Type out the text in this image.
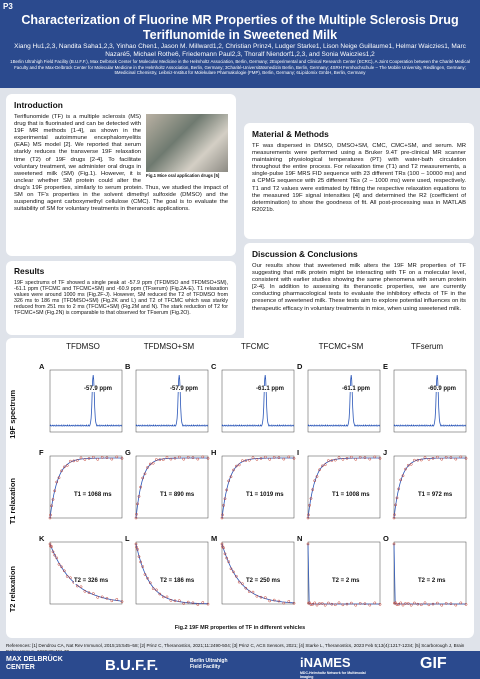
P3
Characterization of Fluorine MR Properties of the Multiple Sclerosis Drug Teriflunomide in Sweetened Milk
Xiang Hu1,2,3, Nandita Saha1,2,3, Yinhao Chen1, Jason M. Millward1,2, Christian Prinz4, Ludger Starke1, Lison Neige Guillaume1, Helmar Waiczies1, Marc Nazaré5, Michael Rothe6, Friedemann Paul2,3, Thoralf Niendorf1,2,3, and Sonia Waiczies1,2
1Berlin Ultrahigh Field Facility (B.U.F.F.), Max Delbrück Center for Molecular Medicine in the Helmholtz Association, Berlin, Germany; 2Experimental and Clinical Research Center (ECRC), A Joint Cooperation between the Charité Medical Faculty and the Max-Delbrück Center for Molecular Medicine in the Helmholtz Association, Berlin, Germany; 3Charité-Universitätsmedizin Berlin, Berlin, Germany; 4SRH Fernhochschule – The Mobile University, Riedlingen, Germany; 5Medicinal Chemistry, Leibniz-Institut für Molekulare Pharmakologie (FMP), Berlin, Germany; 6Lipidomix GmbH, Berlin, Germany
Introduction
Fig.1 Mice oral application drugs [5]
Teriflunomide (TF) is a multiple sclerosis (MS) drug that is fluorinated and can be detected with 19F MR methods [1-4], as shown in the experimental autoimmune encephalomyelitis (EAE) MS model [2]. We reported that serum starkly reduces the transverse 19F relaxation time (T2) of 19F drugs [2-4]. To facilitate voluntary treatment, we administer oral drugs in sweetened milk (SM) (Fig.1). However, it is unclear whether SM protein could alter the drug's 19F properties, similarly to serum protein. Thus, we studied the impact of SM on TF's properties in the solvent dimethyl sulfoxide (DMSO) and the suspending agent carboxymethyl cellulose (CMC). The goal is to evaluate the suitability of SM for voluntary treatments in theranostic applications.
Material & Methods
TF was dispersed in DMSO, DMSO+SM, CMC, CMC+SM, and serum. MR measurements were performed using a Bruker 9.4T pre-clinical MR scanner maintaining physiological temperatures (PT) with water-bath circulation throughout the entire process. For relaxation time (T1) and T2 measurements, a single-pulse 19F MRS FID sequence with 23 different TRs (100 – 10000 ms) and a CPMG sequence with 25 different TEs (2 – 1000 ms) were used, respectively. T1 and T2 values were estimated by fitting the respective relaxation equations to the measured 19F signal intensities [4] and determined the R2 (coefficient of determination) to show the goodness of fit. All post-processing was in MATLAB R2021b.
Discussion & Conclusions
Our results show that sweetened milk alters the 19F MR properties of TF suggesting that milk protein might be interacting with TF on a molecular level, consistent with earlier studies showing the same phenomena with serum protein [2-4]. In addition to assessing its theranostic properties, we are currently conducting pharmacological tests to evaluate the inhibitory effects of TF in the presence of sweetened milk. These tests aim to explore potential influences on its therapeutic efficacy in voluntary treatments in mice, when using sweetened milk.
Results
19F spectrums of TF showed a single peak at -57.9 ppm (TFDMSO and TFDMSO+SM), -61.1 ppm (TFCMC and TFCMC+SM) and -60.9 ppm (TFserum) (Fig.2A-E). T1 relaxation values were around 1000 ms (Fig.2F-J). However, SM reduced the T2 of TFDMSO from 326 ms to 186 ms (TFDMSO+SM) (Fig.2K and L) and T2 of TFCMC which was starkly reduced from 251 ms to 2 ms (TFCMC+SM) (Fig.2M and N). The stark reduction of T2 for TFCMC+SM (Fig.2N) is comparable to that observed for TFserum (Fig.2O).
19F spectrum
T1 relaxation
T2 relaxation
TFDMSO	TFDMSO+SM	TFCMC	TFCMC+SM	TFserum
A
-57.9 ppm
B
-57.9 ppm
C
-61.1 ppm
D
-61.1 ppm
E
-60.9 ppm
F
T1 = 1068 ms
G
T1 = 890 ms
H
T1 = 1019 ms
I
T1 = 1008 ms
J
T1 = 972 ms
K
T2 = 326 ms
L
T2 = 186 ms
M
T2 = 250 ms
N
T2 = 2 ms
O
T2 = 2 ms
Fig.2 19F MR properties of TF in different vehicles
References: [1] Dendrou CA, Nat Rev Immunol, 2015;15:545–58; [2] Prinz C, Theranostics, 2021;11:2490-504; [3] Prinz C, ACS Sensors, 2021; [4] Starke L, Theranostics, 2023 Feb 5;13(4):1217-1234; [5] Scarborough J, Brain
MAX DELBRÜCK CENTER	B.U.F.F.	Berlin Ultrahigh Field Facility	iNAMES
MDC-Helmholtz Network for Multimodal Imaging
GIF
